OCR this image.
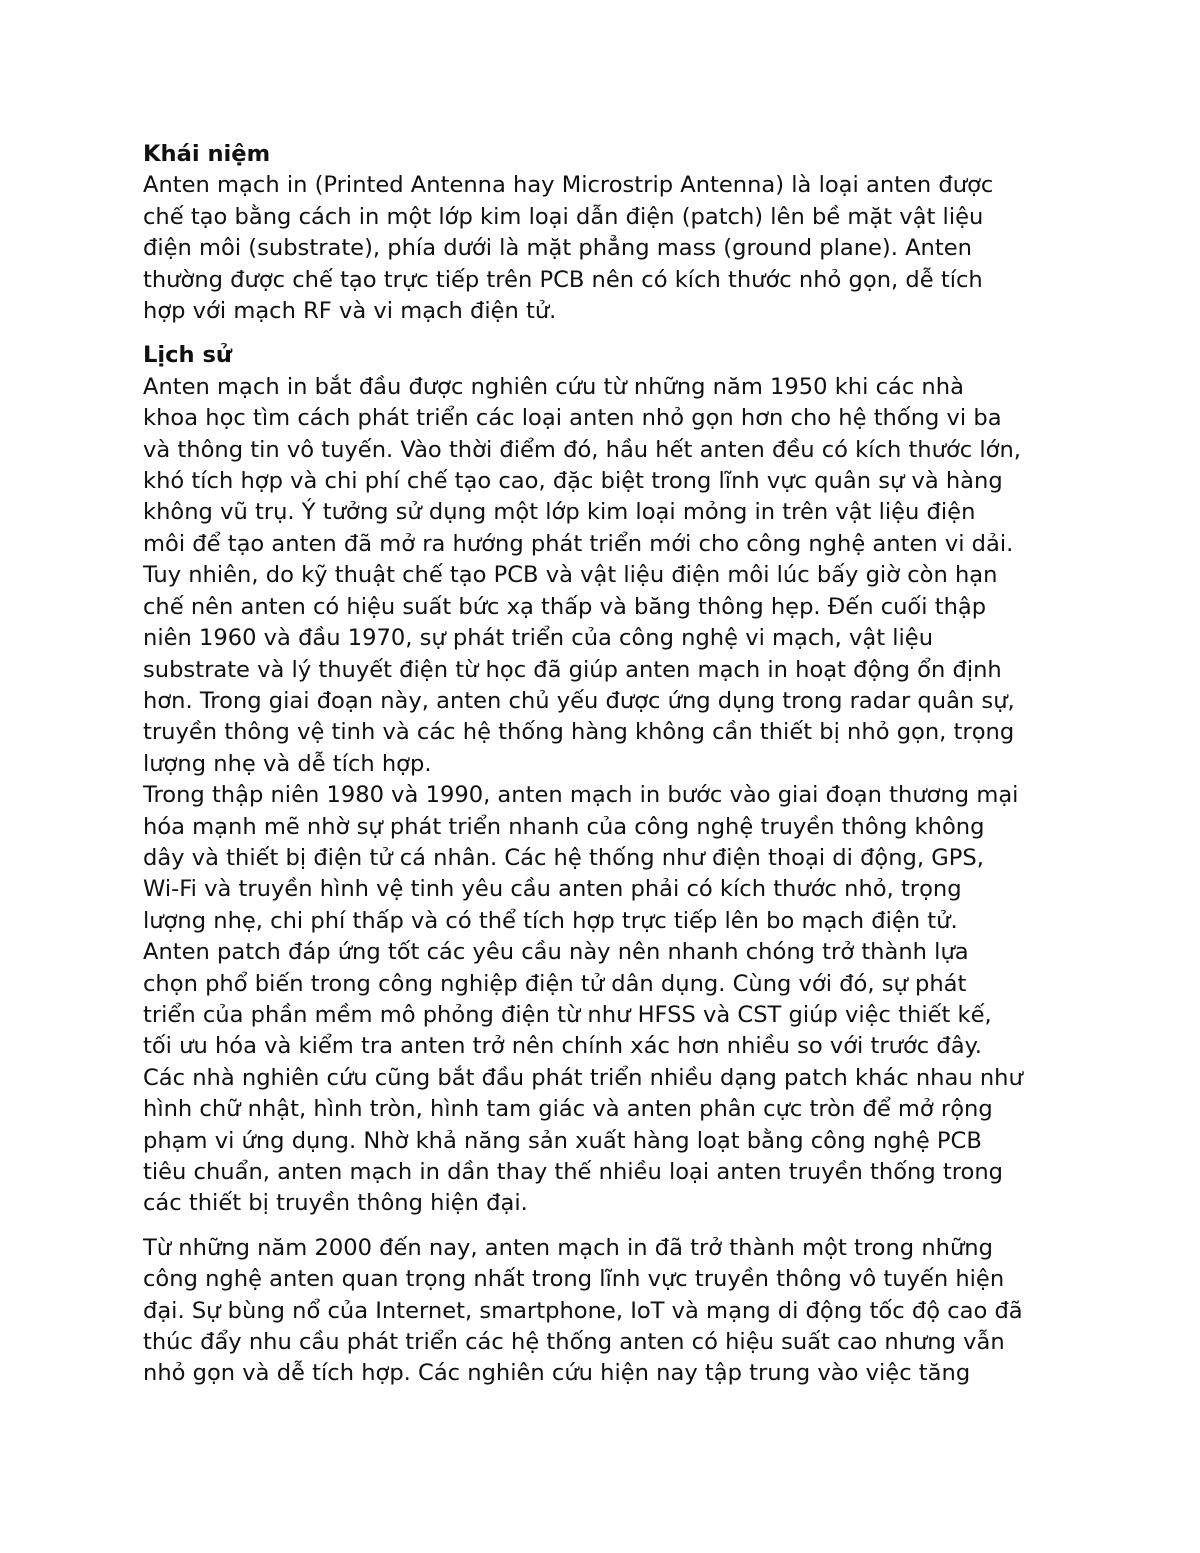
Khái niệm
Anten mạch in (Printed Antenna hay Microstrip Antenna) là loại anten được
chế tạo bằng cách in một lớp kim loại dẫn điện (patch) lên bề mặt vật liệu
điện môi (substrate), phía dưới là mặt phẳng mass (ground plane). Anten
thường được chế tạo trực tiếp trên PCB nên có kích thước nhỏ gọn, dễ tích
hợp với mạch RF và vi mạch điện tử.
Lịch sử
Anten mạch in bắt đầu được nghiên cứu từ những năm 1950 khi các nhà
khoa học tìm cách phát triển các loại anten nhỏ gọn hơn cho hệ thống vi ba
và thông tin vô tuyến. Vào thời điểm đó, hầu hết anten đều có kích thước lớn,
khó tích hợp và chi phí chế tạo cao, đặc biệt trong lĩnh vực quân sự và hàng
không vũ trụ. Ý tưởng sử dụng một lớp kim loại mỏng in trên vật liệu điện
môi để tạo anten đã mở ra hướng phát triển mới cho công nghệ anten vi dải.
Tuy nhiên, do kỹ thuật chế tạo PCB và vật liệu điện môi lúc bấy giờ còn hạn
chế nên anten có hiệu suất bức xạ thấp và băng thông hẹp. Đến cuối thập
niên 1960 và đầu 1970, sự phát triển của công nghệ vi mạch, vật liệu
substrate và lý thuyết điện từ học đã giúp anten mạch in hoạt động ổn định
hơn. Trong giai đoạn này, anten chủ yếu được ứng dụng trong radar quân sự,
truyền thông vệ tinh và các hệ thống hàng không cần thiết bị nhỏ gọn, trọng
lượng nhẹ và dễ tích hợp.
Trong thập niên 1980 và 1990, anten mạch in bước vào giai đoạn thương mại
hóa mạnh mẽ nhờ sự phát triển nhanh của công nghệ truyền thông không
dây và thiết bị điện tử cá nhân. Các hệ thống như điện thoại di động, GPS,
Wi-Fi và truyền hình vệ tinh yêu cầu anten phải có kích thước nhỏ, trọng
lượng nhẹ, chi phí thấp và có thể tích hợp trực tiếp lên bo mạch điện tử.
Anten patch đáp ứng tốt các yêu cầu này nên nhanh chóng trở thành lựa
chọn phổ biến trong công nghiệp điện tử dân dụng. Cùng với đó, sự phát
triển của phần mềm mô phỏng điện từ như HFSS và CST giúp việc thiết kế,
tối ưu hóa và kiểm tra anten trở nên chính xác hơn nhiều so với trước đây.
Các nhà nghiên cứu cũng bắt đầu phát triển nhiều dạng patch khác nhau như
hình chữ nhật, hình tròn, hình tam giác và anten phân cực tròn để mở rộng
phạm vi ứng dụng. Nhờ khả năng sản xuất hàng loạt bằng công nghệ PCB
tiêu chuẩn, anten mạch in dần thay thế nhiều loại anten truyền thống trong
các thiết bị truyền thông hiện đại.
Từ những năm 2000 đến nay, anten mạch in đã trở thành một trong những
công nghệ anten quan trọng nhất trong lĩnh vực truyền thông vô tuyến hiện
đại. Sự bùng nổ của Internet, smartphone, IoT và mạng di động tốc độ cao đã
thúc đẩy nhu cầu phát triển các hệ thống anten có hiệu suất cao nhưng vẫn
nhỏ gọn và dễ tích hợp. Các nghiên cứu hiện nay tập trung vào việc tăng
